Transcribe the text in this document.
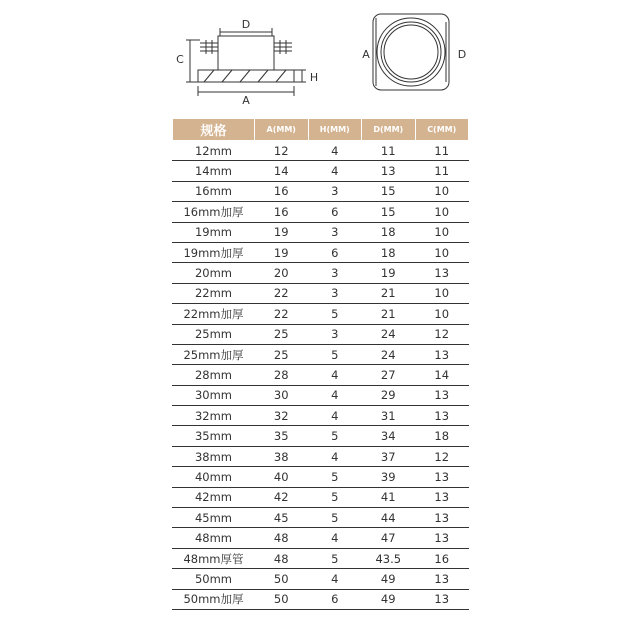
D
C
H
A
A	D
规格	A(MM)	H(MM)	D(MM)	C(MM)
12mm	12	4	11	11
14mm	14	4	13	11
16mm	16	3	15	10
16mm加厚	16	6	15	10
19mm	19	3	18	10
19mm加厚	19	6	18	10
20mm	20	3	19	13
22mm	22	3	21	10
22mm加厚	22	5	21	10
25mm	25	3	24	12
25mm加厚	25	5	24	13
28mm	28	4	27	14
30mm	30	4	29	13
32mm	32	4	31	13
35mm	35	5	34	18
38mm	38	4	37	12
40mm	40	5	39	13
42mm	42	5	41	13
45mm	45	5	44	13
48mm	48	4	47	13
48mm厚管	48	5	43.5	16
50mm	50	4	49	13
50mm加厚	50	6	49	13
